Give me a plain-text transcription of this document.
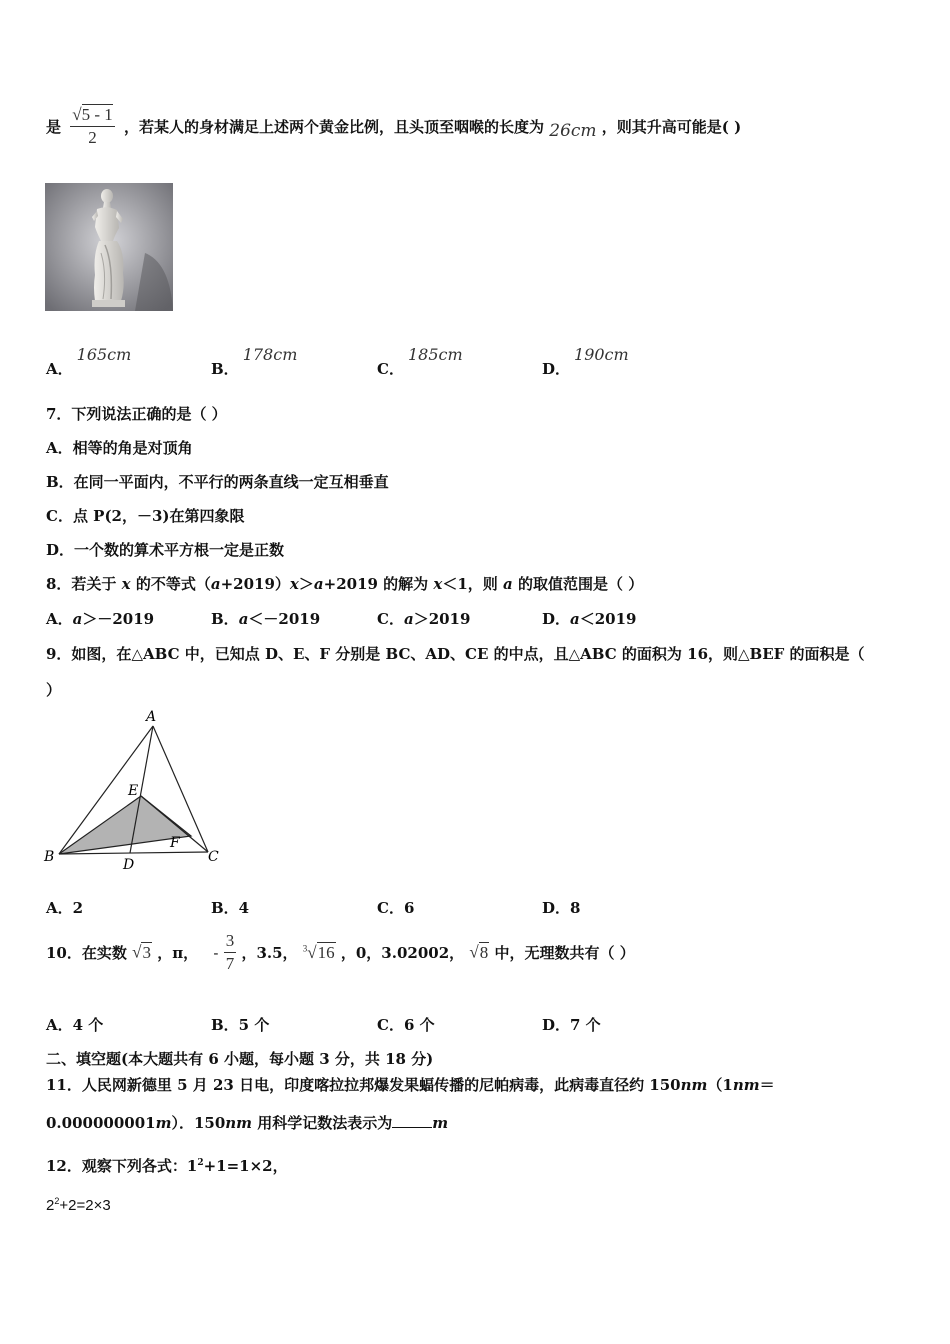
是 $\frac{√5 - 1}{2}$ ，若某人的身材满足上述两个黄金比例，且头顶至咽喉的长度为 26cm ，则其升高可能是( )
A．165cm
B．178cm
C．185cm
D．190cm
7．下列说法正确的是（ ）
A．相等的角是对顶角
B．在同一平面内，不平行的两条直线一定互相垂直
C．点 P(2，－3)在第四象限
D．一个数的算术平方根一定是正数
8．若关于 x 的不等式（a+2019）x＞a+2019 的解为 x＜1，则 a 的取值范围是（ ）
A．a＞－2019	B．a＜－2019	C．a＞2019	D．a＜2019
9．如图，在△ABC 中，已知点 D、E、F 分别是 BC、AD、CE 的中点，且△ABC 的面积为 16，则△BEF 的面积是（
）
A
B	C
D
E
F
A．2	B．4	C．6	D．8
10．在实数 √3 ，π， - $\frac{3}{7}$ ，3.5， $^3$√16 ，0，3.02002， √8 中，无理数共有（ ）
A．4 个	B．5 个	C．6 个	D．7 个
二、填空题(本大题共有 6 小题，每小题 3 分，共 18 分)
11．人民网新德里 5 月 23 日电，印度喀拉拉邦爆发果蝠传播的尼帕病毒，此病毒直径约 150nm（1nm＝
0.000000001m）．150nm 用科学记数法表示为	m
12．观察下列各式：$1^2+1=1\times 2$，
$2^2+2=2\times 3$
